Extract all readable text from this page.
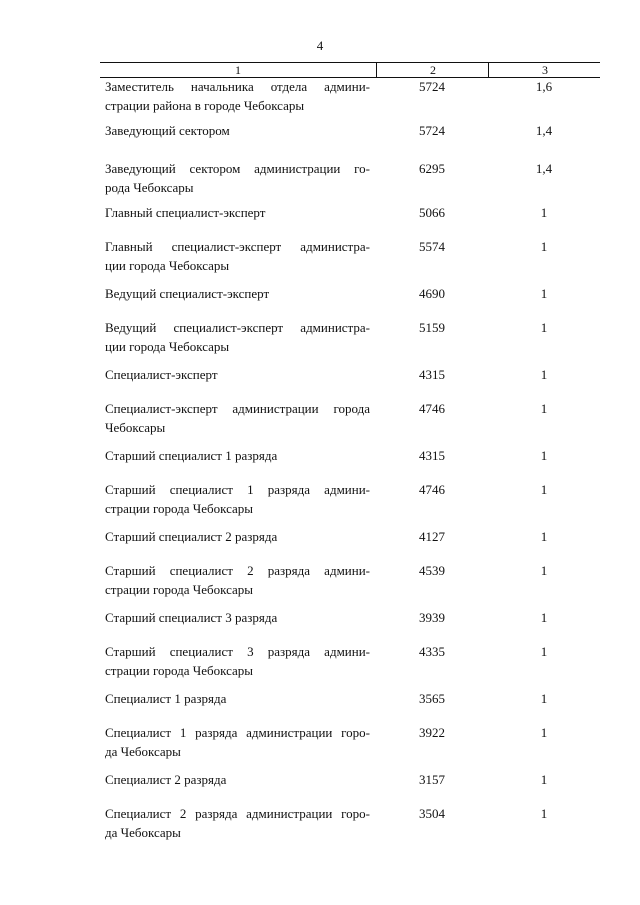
4
1	2	3
Заместитель начальника отдела админи-
страции района в городе Чебоксары
5724	1,6
Заведующий сектором	5724	1,4
Заведующий сектором администрации го-
рода Чебоксары
6295	1,4
Главный специалист-эксперт	5066	1
Главный специалист-эксперт администра-
ции города Чебоксары
5574	1
Ведущий специалист-эксперт	4690	1
Ведущий специалист-эксперт администра-
ции города Чебоксары
5159	1
Специалист-эксперт	4315	1
Специалист-эксперт администрации города
Чебоксары
4746	1
Старший специалист 1 разряда	4315	1
Старший специалист 1 разряда админи-
страции города Чебоксары
4746	1
Старший специалист 2 разряда	4127	1
Старший специалист 2 разряда админи-
страции города Чебоксары
4539	1
Старший специалист 3 разряда	3939	1
Старший специалист 3 разряда админи-
страции города Чебоксары
4335	1
Специалист 1 разряда	3565	1
Специалист 1 разряда администрации горо-
да Чебоксары
3922	1
Специалист 2 разряда	3157	1
Специалист 2 разряда администрации горо-
да Чебоксары
3504	1
